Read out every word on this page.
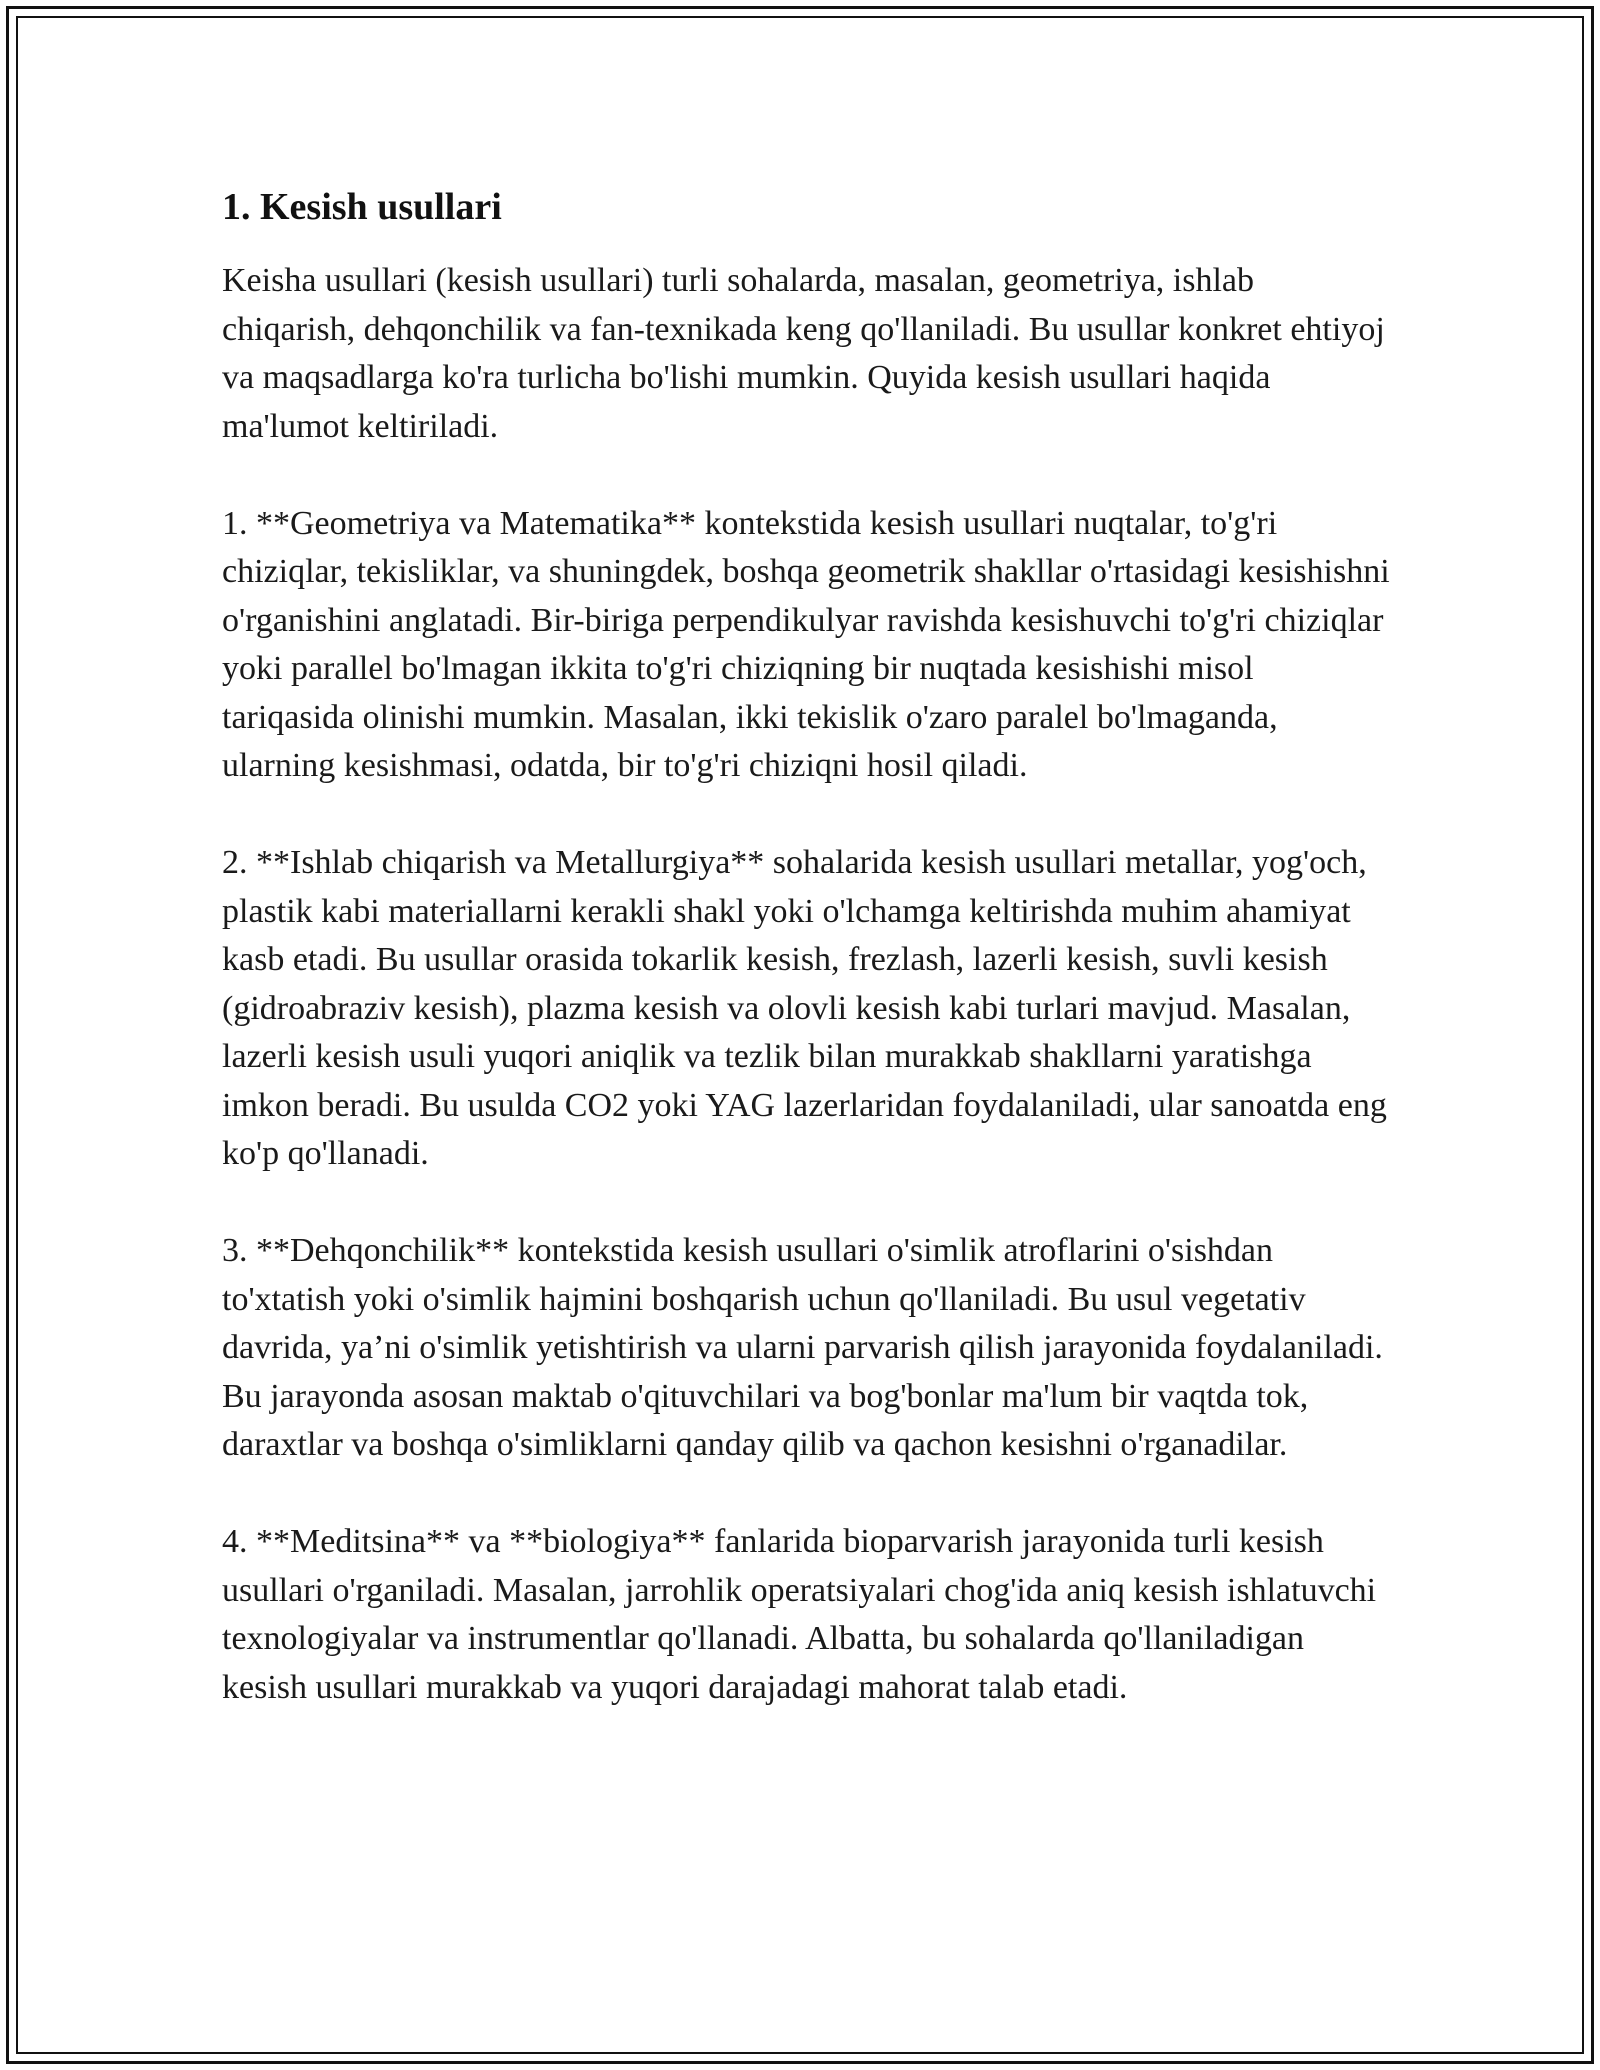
1. Kesish usullari

Keisha usullari (kesish usullari) turli sohalarda, masalan, geometriya, ishlab chiqarish, dehqonchilik va fan-texnikada keng qo'llaniladi. Bu usullar konkret ehtiyoj va maqsadlarga ko'ra turlicha bo'lishi mumkin. Quyida kesish usullari haqida ma'lumot keltiriladi.

1. **Geometriya va Matematika** kontekstida kesish usullari nuqtalar, to'g'ri chiziqlar, tekisliklar, va shuningdek, boshqa geometrik shakllar o'rtasidagi kesishishni o'rganishini anglatadi. Bir-biriga perpendikulyar ravishda kesishuvchi to'g'ri chiziqlar yoki parallel bo'lmagan ikkita to'g'ri chiziqning bir nuqtada kesishishi misol tariqasida olinishi mumkin. Masalan, ikki tekislik o'zaro paralel bo'lmaganda, ularning kesishmasi, odatda, bir to'g'ri chiziqni hosil qiladi.

2. **Ishlab chiqarish va Metallurgiya** sohalarida kesish usullari metallar, yog'och, plastik kabi materiallarni kerakli shakl yoki o'lchamga keltirishda muhim ahamiyat kasb etadi. Bu usullar orasida tokarlik kesish, frezlash, lazerli kesish, suvli kesish (gidroabraziv kesish), plazma kesish va olovli kesish kabi turlari mavjud. Masalan, lazerli kesish usuli yuqori aniqlik va tezlik bilan murakkab shakllarni yaratishga imkon beradi. Bu usulda CO2 yoki YAG lazerlaridan foydalaniladi, ular sanoatda eng ko'p qo'llanadi.

3. **Dehqonchilik** kontekstida kesish usullari o'simlik atroflarini o'sishdan to'xtatish yoki o'simlik hajmini boshqarish uchun qo'llaniladi. Bu usul vegetativ davrida, ya’ni o'simlik yetishtirish va ularni parvarish qilish jarayonida foydalaniladi. Bu jarayonda asosan maktab o'qituvchilari va bog'bonlar ma'lum bir vaqtda tok, daraxtlar va boshqa o'simliklarni qanday qilib va qachon kesishni o'rganadilar.

4. **Meditsina** va **biologiya** fanlarida bioparvarish jarayonida turli kesish usullari o'rganiladi. Masalan, jarrohlik operatsiyalari chog'ida aniq kesish ishlatuvchi texnologiyalar va instrumentlar qo'llanadi. Albatta, bu sohalarda qo'llaniladigan kesish usullari murakkab va yuqori darajadagi mahorat talab etadi.
